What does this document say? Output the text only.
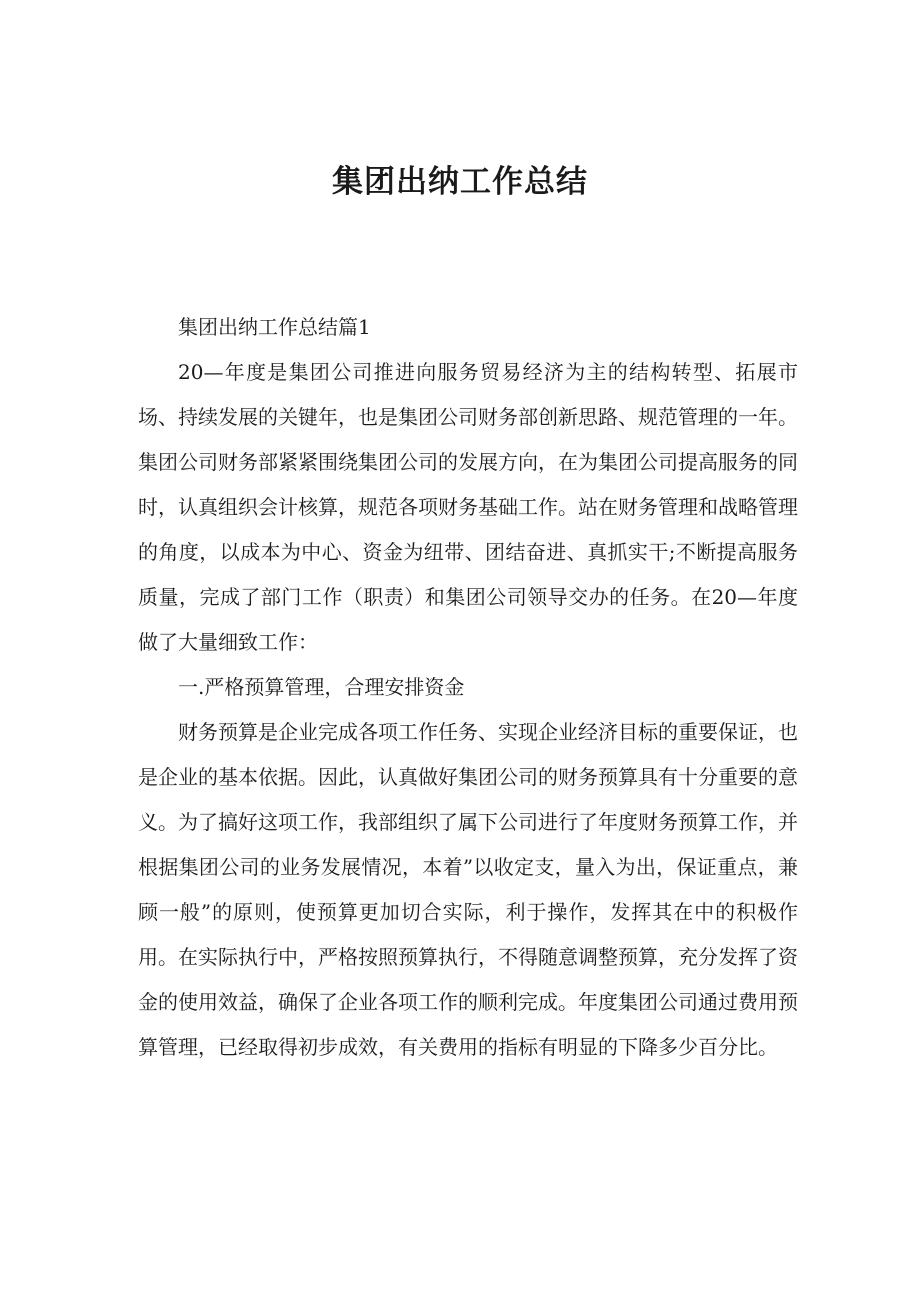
集团出纳工作总结

集团出纳工作总结篇1

20—年度是集团公司推进向服务贸易经济为主的结构转型、拓展市场、持续发展的关键年，也是集团公司财务部创新思路、规范管理的一年。集团公司财务部紧紧围绕集团公司的发展方向，在为集团公司提高服务的同时，认真组织会计核算，规范各项财务基础工作。站在财务管理和战略管理的角度，以成本为中心、资金为纽带、团结奋进、真抓实干;不断提高服务质量，完成了部门工作（职责）和集团公司领导交办的任务。在20—年度做了大量细致工作：

一.严格预算管理，合理安排资金

财务预算是企业完成各项工作任务、实现企业经济目标的重要保证，也是企业的基本依据。因此，认真做好集团公司的财务预算具有十分重要的意义。为了搞好这项工作，我部组织了属下公司进行了年度财务预算工作，并根据集团公司的业务发展情况，本着”以收定支，量入为出，保证重点，兼顾一般”的原则，使预算更加切合实际，利于操作，发挥其在中的积极作用。在实际执行中，严格按照预算执行，不得随意调整预算，充分发挥了资金的使用效益，确保了企业各项工作的顺利完成。年度集团公司通过费用预算管理，已经取得初步成效，有关费用的指标有明显的下降多少百分比。
